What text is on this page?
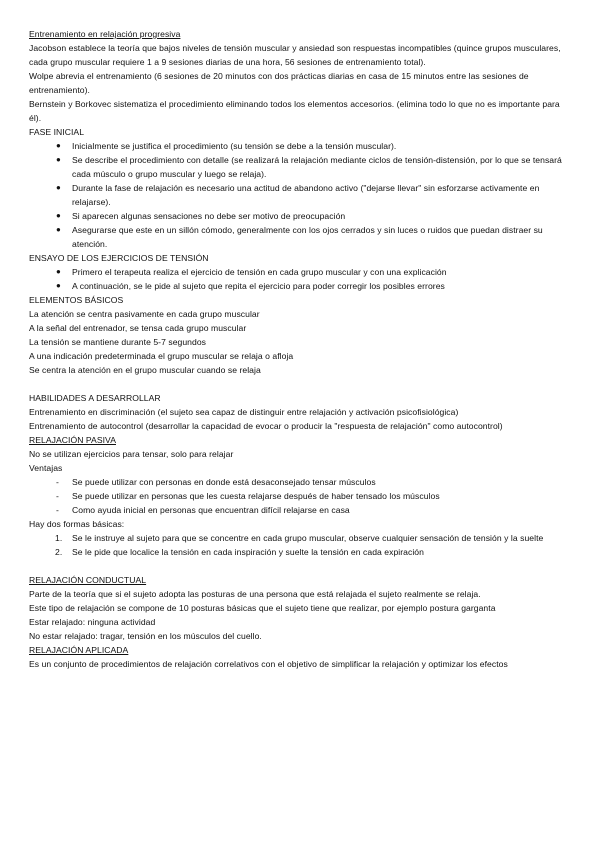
Entrenamiento en relajación progresiva

Jacobson establece la teoría que bajos niveles de tensión muscular y ansiedad son respuestas incompatibles (quince grupos musculares, cada grupo muscular requiere 1 a 9 sesiones diarias de una hora, 56 sesiones de entrenamiento total).

Wolpe abrevia el entrenamiento (6 sesiones de 20 minutos con dos prácticas diarias en casa de 15 minutos entre las sesiones de entrenamiento).

Bernstein y Borkovec sistematiza el procedimiento eliminando todos los elementos accesorios. (elimina todo lo que no es importante para él).

FASE INICIAL

● Inicialmente se justifica el procedimiento (su tensión se debe a la tensión muscular).
● Se describe el procedimiento con detalle (se realizará la relajación mediante ciclos de tensión-distensión, por lo que se tensará cada músculo o grupo muscular y luego se relaja).
● Durante la fase de relajación es necesario una actitud de abandono activo ("dejarse llevar" sin esforzarse activamente en relajarse).
● Si aparecen algunas sensaciones no debe ser motivo de preocupación
● Asegurarse que este en un sillón cómodo, generalmente con los ojos cerrados y sin luces o ruidos que puedan distraer su atención.

ENSAYO DE LOS EJERCICIOS DE TENSIÓN

● Primero el terapeuta realiza el ejercicio de tensión en cada grupo muscular y con una explicación
● A continuación, se le pide al sujeto que repita el ejercicio para poder corregir los posibles errores

ELEMENTOS BÁSICOS

La atención se centra pasivamente en cada grupo muscular

A la señal del entrenador, se tensa cada grupo muscular

La tensión se mantiene durante 5-7 segundos

A una indicación predeterminada el grupo muscular se relaja o afloja

Se centra la atención en el grupo muscular cuando se relaja

HABILIDADES A DESARROLLAR

Entrenamiento en discriminación (el sujeto sea capaz de distinguir entre relajación y activación psicofisiológica)

Entrenamiento de autocontrol (desarrollar la capacidad de evocar o producir la "respuesta de relajación" como autocontrol)

RELAJACIÓN PASIVA

No se utilizan ejercicios para tensar, solo para relajar

Ventajas

- Se puede utilizar con personas en donde está desaconsejado tensar músculos
- Se puede utilizar en personas que les cuesta relajarse después de haber tensado los músculos
- Como ayuda inicial en personas que encuentran difícil relajarse en casa

Hay dos formas básicas:

1. Se le instruye al sujeto para que se concentre en cada grupo muscular, observe cualquier sensación de tensión y la suelte
2. Se le pide que localice la tensión en cada inspiración y suelte la tensión en cada expiración

RELAJACIÓN CONDUCTUAL

Parte de la teoría que si el sujeto adopta las posturas de una persona que está relajada el sujeto realmente se relaja.

Este tipo de relajación se compone de 10 posturas básicas que el sujeto tiene que realizar, por ejemplo postura garganta

Estar relajado: ninguna actividad

No estar relajado: tragar, tensión en los músculos del cuello.

RELAJACIÓN APLICADA

Es un conjunto de procedimientos de relajación correlativos con el objetivo de simplificar la relajación y optimizar los efectos
